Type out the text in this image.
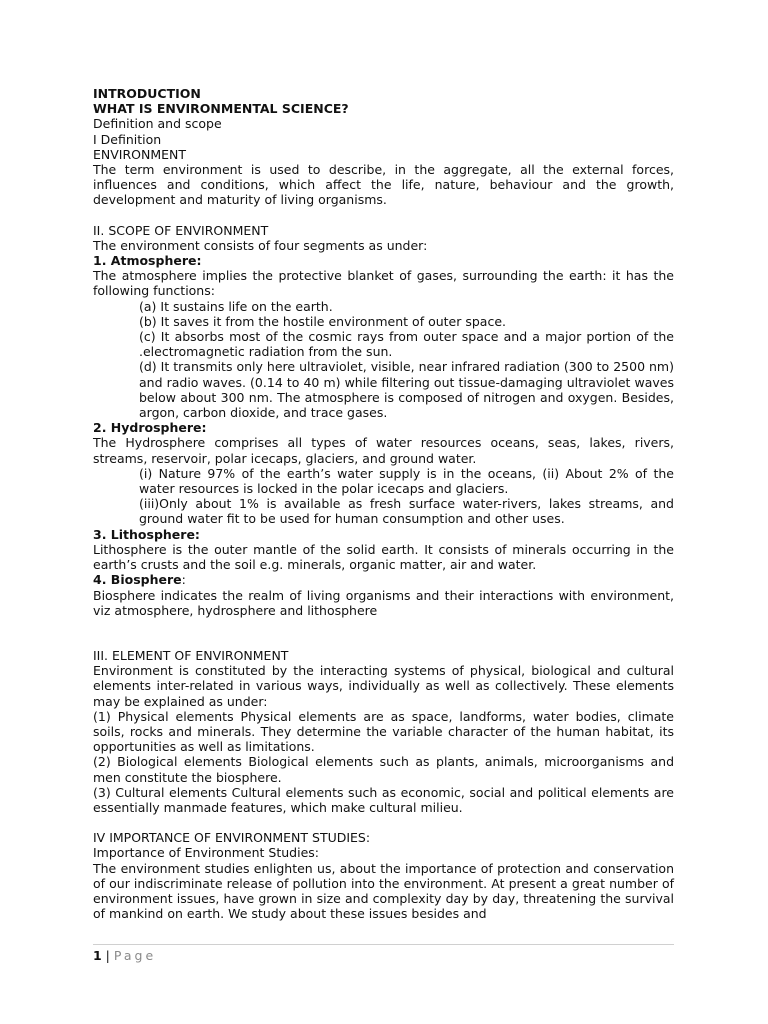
INTRODUCTION
WHAT IS ENVIRONMENTAL SCIENCE?
Definition and scope
I Definition
ENVIRONMENT
The term environment is used to describe, in the aggregate, all the external forces, influences and conditions, which affect the life, nature, behaviour and the growth, development and maturity of living organisms.
II. SCOPE OF ENVIRONMENT
The environment consists of four segments as under:
1. Atmosphere:
The atmosphere implies the protective blanket of gases, surrounding the earth: it has the following functions:
(a) It sustains life on the earth.
(b) It saves it from the hostile environment of outer space.
(c) It absorbs most of the cosmic rays from outer space and a major portion of the .electromagnetic radiation from the sun.
(d) It transmits only here ultraviolet, visible, near infrared radiation (300 to 2500 nm) and radio waves. (0.14 to 40 m) while filtering out tissue-damaging ultraviolet waves below about 300 nm. The atmosphere is composed of nitrogen and oxygen. Besides, argon, carbon dioxide, and trace gases.
2. Hydrosphere:
The Hydrosphere comprises all types of water resources oceans, seas, lakes, rivers, streams, reservoir, polar icecaps, glaciers, and ground water.
(i) Nature 97% of the earth’s water supply is in the oceans, (ii) About 2% of the water resources is locked in the polar icecaps and glaciers.
(iii)Only about 1% is available as fresh surface water-rivers, lakes streams, and ground water fit to be used for human consumption and other uses.
3. Lithosphere:
Lithosphere is the outer mantle of the solid earth. It consists of minerals occurring in the earth’s crusts and the soil e.g. minerals, organic matter, air and water.
4. Biosphere:
Biosphere indicates the realm of living organisms and their interactions with environment, viz atmosphere, hydrosphere and lithosphere
III. ELEMENT OF ENVIRONMENT
Environment is constituted by the interacting systems of physical, biological and cultural elements inter-related in various ways, individually as well as collectively. These elements may be explained as under:
(1) Physical elements Physical elements are as space, landforms, water bodies, climate soils, rocks and minerals. They determine the variable character of the human habitat, its opportunities as well as limitations.
(2) Biological elements Biological elements such as plants, animals, microorganisms and men constitute the biosphere.
(3) Cultural elements Cultural elements such as economic, social and political elements are essentially manmade features, which make cultural milieu.
IV IMPORTANCE OF ENVIRONMENT STUDIES:
Importance of Environment Studies:
The environment studies enlighten us, about the importance of protection and conservation of our indiscriminate release of pollution into the environment. At present a great number of environment issues, have grown in size and complexity day by day, threatening the survival of mankind on earth. We study about these issues besides and
1 | Page
